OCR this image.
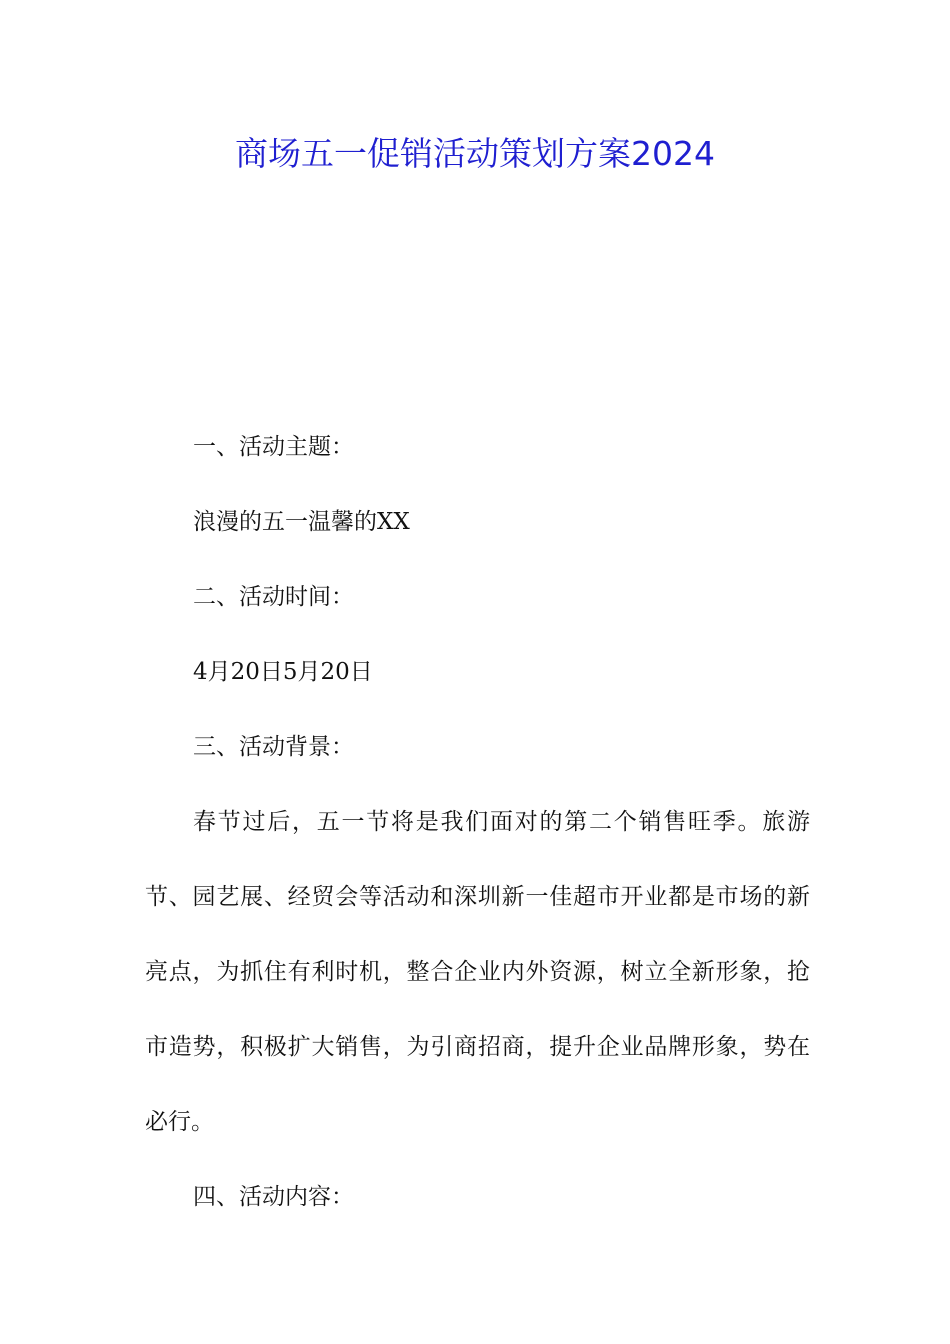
商场五一促销活动策划方案2024

一、活动主题：

浪漫的五一温馨的XX

二、活动时间：

4月20日5月20日

三、活动背景：

春节过后，五一节将是我们面对的第二个销售旺季。旅游节、园艺展、经贸会等活动和深圳新一佳超市开业都是市场的新亮点，为抓住有利时机，整合企业内外资源，树立全新形象，抢市造势，积极扩大销售，为引商招商，提升企业品牌形象，势在必行。

四、活动内容：
